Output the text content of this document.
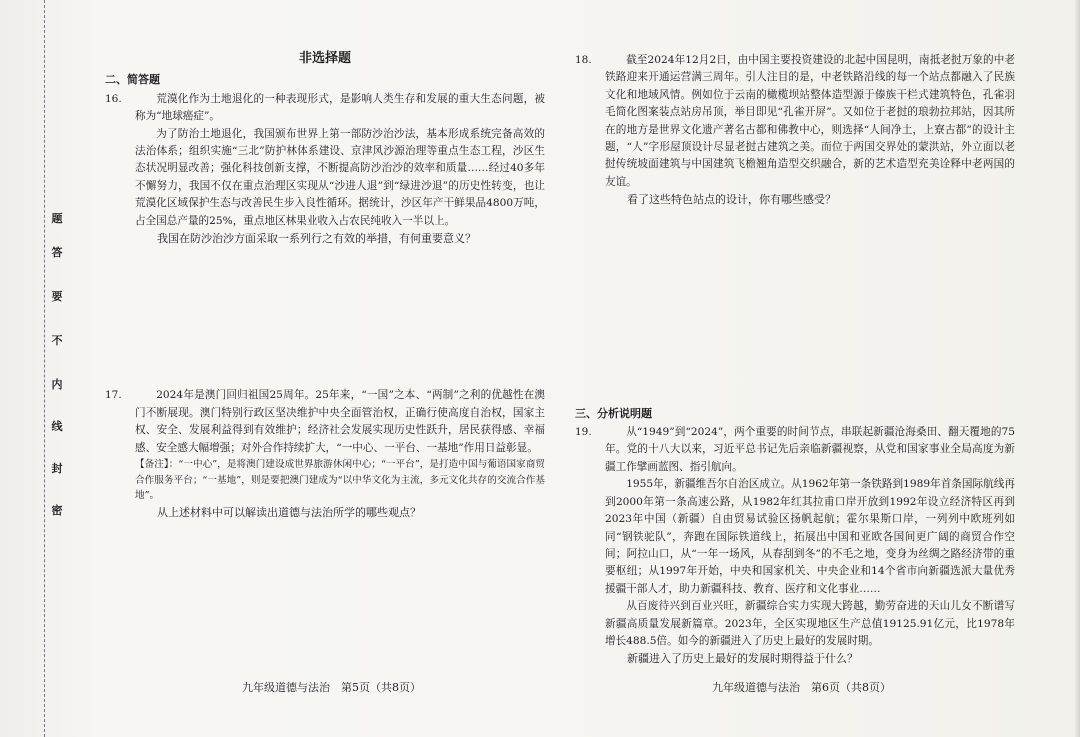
题
答
要
不
内
线
封
密
非选择题
二、简答题
16.	荒漠化作为土地退化的一种表现形式，是影响人类生存和发展的重大生态问题，被称为“地球癌症”。

为了防治土地退化，我国颁布世界上第一部防沙治沙法，基本形成系统完备高效的法治体系；组织实施“三北”防护林体系建设、京津风沙源治理等重点生态工程，沙区生态状况明显改善；强化科技创新支撑，不断提高防沙治沙的效率和质量……经过40多年不懈努力，我国不仅在重点治理区实现从“沙进人退”到“绿进沙退”的历史性转变，也让荒漠化区域保护生态与改善民生步入良性循环。据统计，沙区年产干鲜果品4800万吨，占全国总产量的25%，重点地区林果业收入占农民纯收入一半以上。

我国在防沙治沙方面采取一系列行之有效的举措，有何重要意义？

17.	2024年是澳门回归祖国25周年。25年来，“一国”之本、“两制”之利的优越性在澳门不断展现。澳门特别行政区坚决维护中央全面管治权，正确行使高度自治权，国家主权、安全、发展利益得到有效维护；经济社会发展实现历史性跃升，居民获得感、幸福感、安全感大幅增强；对外合作持续扩大，“一中心、一平台、一基地”作用日益彰显。

【备注】：“一中心”，是将澳门建设成世界旅游休闲中心；“一平台”，是打造中国与葡语国家商贸合作服务平台；“一基地”，则是要把澳门建成为“以中华文化为主流，多元文化共存的交流合作基地”。

从上述材料中可以解读出道德与法治所学的哪些观点？

九年级道德与法治　第5页（共8页）
18.	截至2024年12月2日，由中国主要投资建设的北起中国昆明，南抵老挝万象的中老铁路迎来开通运营满三周年。引人注目的是，中老铁路沿线的每一个站点都融入了民族文化和地域风情。例如位于云南的橄榄坝站整体造型源于傣族干栏式建筑特色，孔雀羽毛简化图案装点站房吊顶，举目即见“孔雀开屏”。又如位于老挝的琅勃拉邦站，因其所在的地方是世界文化遗产著名古都和佛教中心，则选择“人间净土，上寮古都”的设计主题，“人”字形屋顶设计尽显老挝古建筑之美。而位于两国交界处的蒙洪站，外立面以老挝传统坡面建筑与中国建筑飞檐翘角造型交织融合，新的艺术造型充美诠释中老两国的友谊。

看了这些特色站点的设计，你有哪些感受？

三、分析说明题
19.	从“1949”到“2024”，两个重要的时间节点，串联起新疆沧海桑田、翻天覆地的75年。党的十八大以来，习近平总书记先后亲临新疆视察，从党和国家事业全局高度为新疆工作擘画蓝图、指引航向。

1955年，新疆维吾尔自治区成立。从1962年第一条铁路到1989年首条国际航线再到2000年第一条高速公路，从1982年红其拉甫口岸开放到1992年设立经济特区再到2023年中国（新疆）自由贸易试验区扬帆起航；霍尔果斯口岸，一列列中欧班列如同“钢铁驼队”，奔跑在国际铁道线上，拓展出中国和亚欧各国间更广阔的商贸合作空间；阿拉山口，从“一年一场风，从春刮到冬”的不毛之地，变身为丝绸之路经济带的重要枢纽；从1997年开始，中央和国家机关、中央企业和14个省市向新疆选派大量优秀援疆干部人才，助力新疆科技、教育、医疗和文化事业……

从百废待兴到百业兴旺，新疆综合实力实现大跨越，勤劳奋进的天山儿女不断谱写新疆高质量发展新篇章。2023年，全区实现地区生产总值19125.91亿元，比1978年增长488.5倍。如今的新疆进入了历史上最好的发展时期。

新疆进入了历史上最好的发展时期得益于什么？

九年级道德与法治　第6页（共8页）
